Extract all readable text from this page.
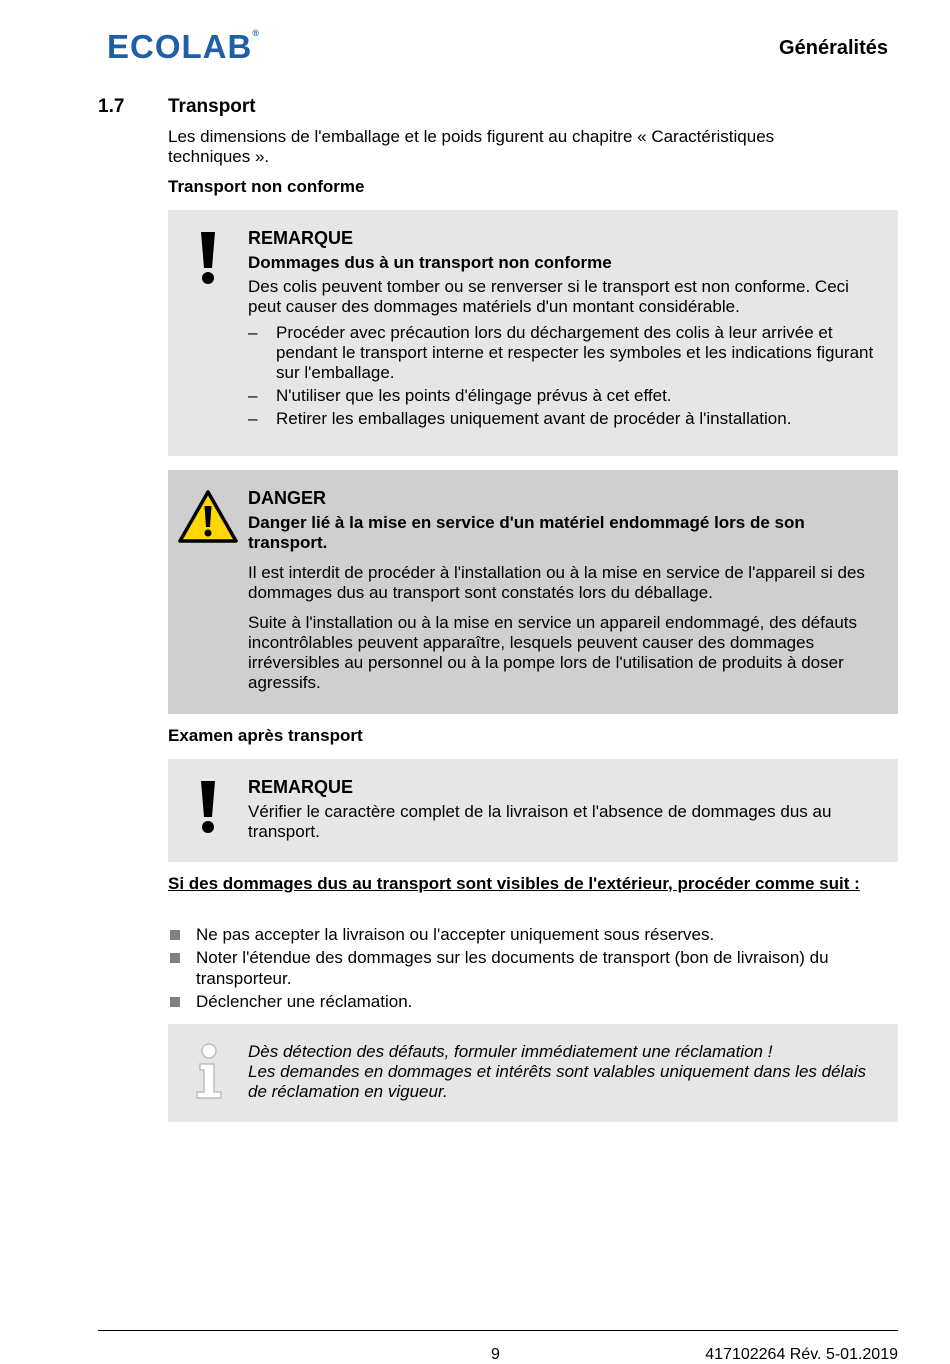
ECOLAB®
Généralités
1.7 Transport

Les dimensions de l'emballage et le poids figurent au chapitre « Caractéristiques techniques ».

Transport non conforme

REMARQUE

Dommages dus à un transport non conforme

Des colis peuvent tomber ou se renverser si le transport est non conforme. Ceci peut causer des dommages matériels d'un montant considérable.

– Procéder avec précaution lors du déchargement des colis à leur arrivée et pendant le transport interne et respecter les symboles et les indications figurant sur l'emballage.
– N'utiliser que les points d'élingage prévus à cet effet.
– Retirer les emballages uniquement avant de procéder à l'installation.

DANGER

Danger lié à la mise en service d'un matériel endommagé lors de son transport.

Il est interdit de procéder à l'installation ou à la mise en service de l'appareil si des dommages dus au transport sont constatés lors du déballage.

Suite à l'installation ou à la mise en service un appareil endommagé, des défauts incontrôlables peuvent apparaître, lesquels peuvent causer des dommages irréversibles au personnel ou à la pompe lors de l'utilisation de produits à doser agressifs.

Examen après transport

REMARQUE

Vérifier le caractère complet de la livraison et l'absence de dommages dus au transport.

Si des dommages dus au transport sont visibles de l'extérieur, procéder comme suit :

Ne pas accepter la livraison ou l'accepter uniquement sous réserves.
Noter l'étendue des dommages sur les documents de transport (bon de livraison) du transporteur.
Déclencher une réclamation.

Dès détection des défauts, formuler immédiatement une réclamation !

Les demandes en dommages et intérêts sont valables uniquement dans les délais de réclamation en vigueur.

9	417102264 Rév. 5-01.2019
